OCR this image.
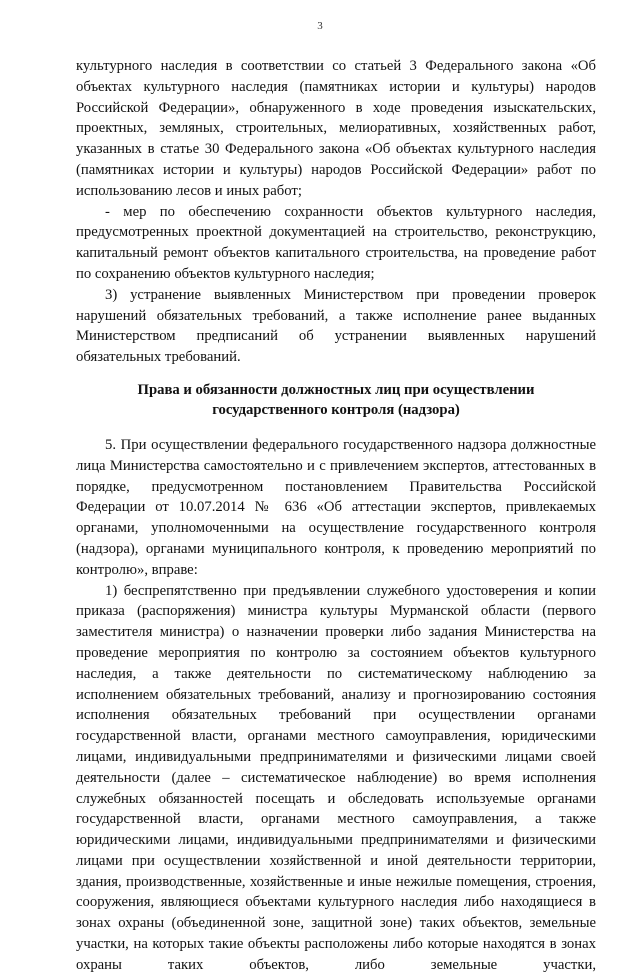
3

культурного наследия в соответствии со статьей 3 Федерального закона «Об объектах культурного наследия (памятниках истории и культуры) народов Российской Федерации», обнаруженного в ходе проведения изыскательских, проектных, земляных, строительных, мелиоративных, хозяйственных работ, указанных в статье 30 Федерального закона «Об объектах культурного наследия (памятниках истории и культуры) народов Российской Федерации» работ по использованию лесов и иных работ;

- мер по обеспечению сохранности объектов культурного наследия, предусмотренных проектной документацией на строительство, реконструкцию, капитальный ремонт объектов капитального строительства, на проведение работ по сохранению объектов культурного наследия;

3) устранение выявленных Министерством при проведении проверок нарушений обязательных требований, а также исполнение ранее выданных Министерством предписаний об устранении выявленных нарушений обязательных требований.

Права и обязанности должностных лиц при осуществлении
государственного контроля (надзора)

5. При осуществлении федерального государственного надзора должностные лица Министерства самостоятельно и с привлечением экспертов, аттестованных в порядке, предусмотренном постановлением Правительства Российской Федерации от 10.07.2014 № 636 «Об аттестации экспертов, привлекаемых органами, уполномоченными на осуществление государственного контроля (надзора), органами муниципального контроля, к проведению мероприятий по контролю», вправе:

1) беспрепятственно при предъявлении служебного удостоверения и копии приказа (распоряжения) министра культуры Мурманской области (первого заместителя министра) о назначении проверки либо задания Министерства на проведение мероприятия по контролю за состоянием объектов культурного наследия, а также деятельности по систематическому наблюдению за исполнением обязательных требований, анализу и прогнозированию состояния исполнения обязательных требований при осуществлении органами государственной власти, органами местного самоуправления, юридическими лицами, индивидуальными предпринимателями и физическими лицами своей деятельности (далее – систематическое наблюдение) во время исполнения служебных обязанностей посещать и обследовать используемые органами государственной власти, органами местного самоуправления, а также юридическими лицами, индивидуальными предпринимателями и физическими лицами при осуществлении хозяйственной и иной деятельности территории, здания, производственные, хозяйственные и иные нежилые помещения, строения, сооружения, являющиеся объектами культурного наследия либо находящиеся в зонах охраны (объединенной зоне, защитной зоне) таких объектов, земельные участки, на которых такие объекты расположены либо которые находятся в зонах охраны таких объектов, либо земельные участки,
